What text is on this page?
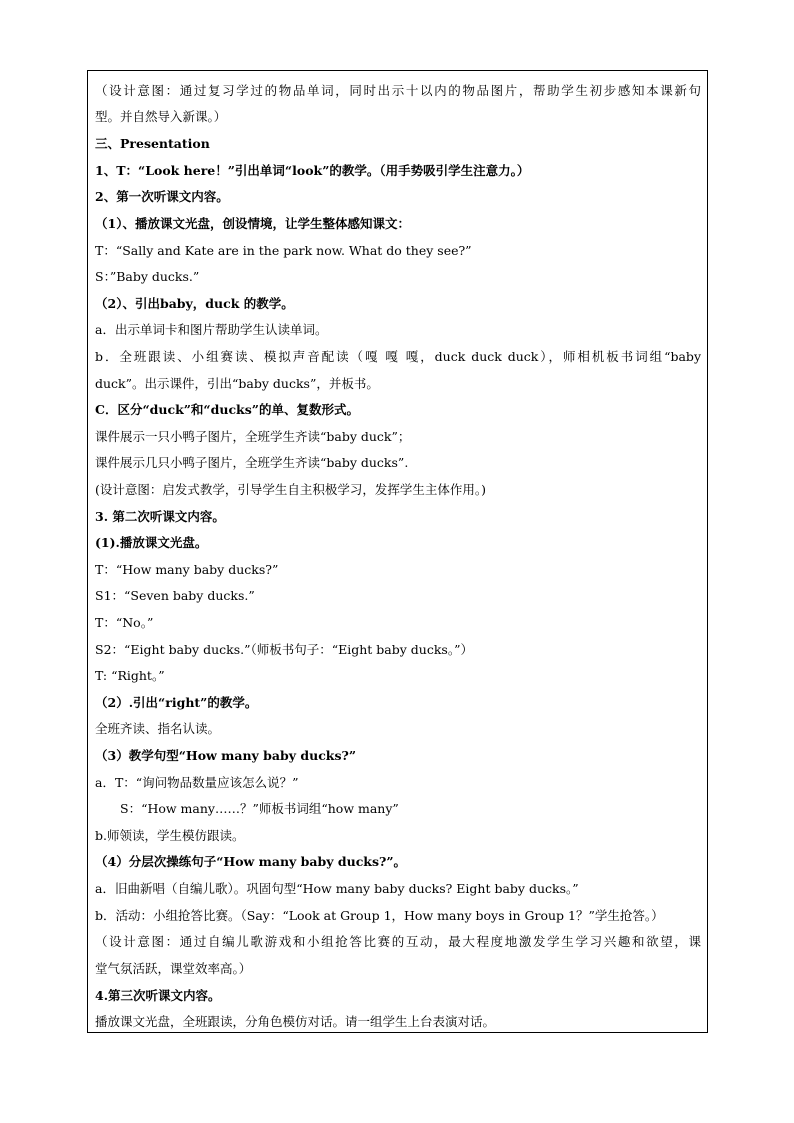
（设计意图：通过复习学过的物品单词，同时出示十以内的物品图片，帮助学生初步感知本课新句
型。并自然导入新课。）
三、Presentation
1、T：“Look here！”引出单词“look”的教学。（用手势吸引学生注意力。）
2、第一次听课文内容。
（1）、播放课文光盘，创设情境，让学生整体感知课文：
T：“Sally and Kate are in the park now. What do they see?”
S：”Baby ducks.”
（2）、引出baby，duck 的教学。
a．出示单词卡和图片帮助学生认读单词。
b．全班跟读、小组赛读、模拟声音配读（嘎 嘎 嘎，duck duck duck），师相机板书词组“baby
duck”。出示课件，引出“baby ducks”，并板书。
C．区分“duck”和“ducks”的单、复数形式。
课件展示一只小鸭子图片，全班学生齐读“baby duck”；
课件展示几只小鸭子图片，全班学生齐读“baby ducks”.
(设计意图：启发式教学，引导学生自主积极学习，发挥学生主体作用。)
3. 第二次听课文内容。
(1).播放课文光盘。
T：“How many baby ducks?”
S1：“Seven baby ducks.”
T：“No。”
S2：“Eight baby ducks.”（师板书句子：“Eight baby ducks。”）
T: “Right。”
（2）.引出“right”的教学。
全班齐读、指名认读。
（3）教学句型“How many baby ducks?”
a．T：“询问物品数量应该怎么说？”
S：“How many……？”师板书词组“how many”
b.师领读，学生模仿跟读。
（4）分层次操练句子“How many baby ducks?”。
a．旧曲新唱（自编儿歌）。巩固句型“How many baby ducks? Eight baby ducks。”
b．活动：小组抢答比赛。（Say：“Look at Group 1，How many boys in Group 1？”学生抢答。）
（设计意图：通过自编儿歌游戏和小组抢答比赛的互动，最大程度地激发学生学习兴趣和欲望，课
堂气氛活跃，课堂效率高。）
4.第三次听课文内容。
播放课文光盘，全班跟读，分角色模仿对话。请一组学生上台表演对话。
